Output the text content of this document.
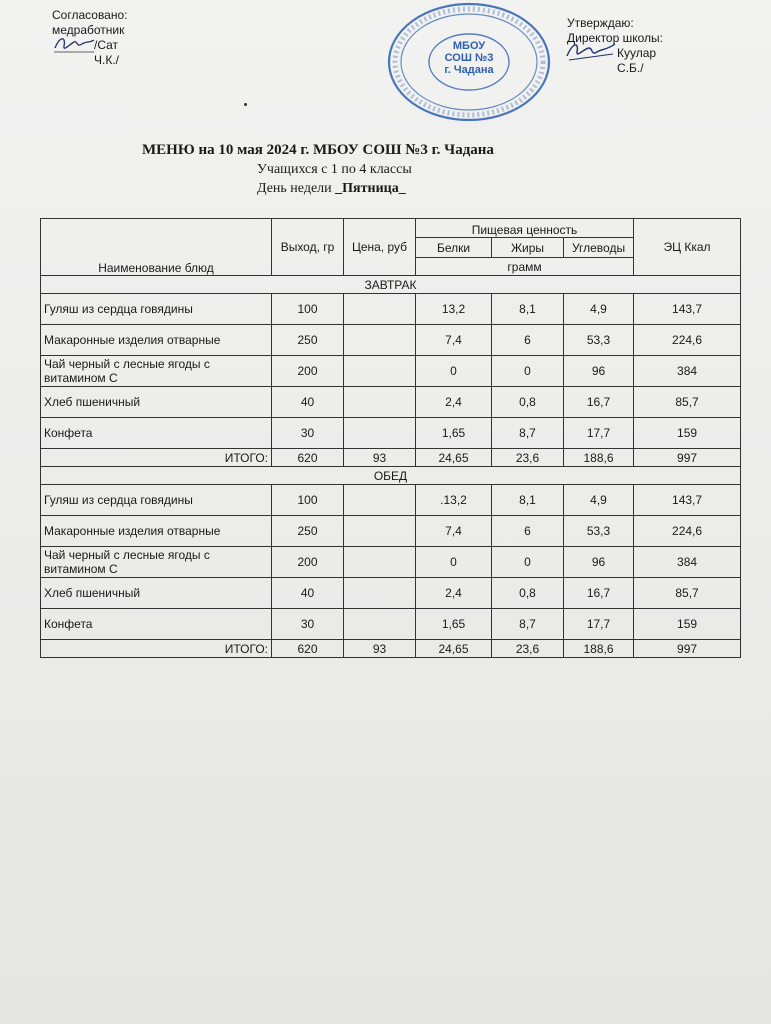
Согласовано:
медработник
/Сат Ч.К./
Утверждаю:
Директор школы:
Куулар С.Б./
МБОУ
СОШ №3
г. Чадана
МЕНЮ на 10 мая 2024 г. МБОУ СОШ №3 г. Чадана
Учащихся с 1 по 4 классы
День недели _Пятница_
Наименование блюд	Выход, гр	Цена, руб	Пищевая ценность			ЭЦ Ккал
			Белки	Жиры	Углеводы	
			грамм			
ЗАВТРАК						
Гуляш из сердца говядины	100		13,2	8,1	4,9	143,7
Макаронные изделия отварные	250		7,4	6	53,3	224,6
Чай черный с лесные ягоды с витамином С	200		0	0	96	384
Хлеб пшеничный	40		2,4	0,8	16,7	85,7
Конфета	30		1,65	8,7	17,7	159
ИТОГО:	620	93	24,65	23,6	188,6	997
ОБЕД						
Гуляш из сердца говядины	100		.13,2	8,1	4,9	143,7
Макаронные изделия отварные	250		7,4	6	53,3	224,6
Чай черный с лесные ягоды с витамином С	200		0	0	96	384
Хлеб пшеничный	40		2,4	0,8	16,7	85,7
Конфета	30		1,65	8,7	17,7	159
ИТОГО:	620	93	24,65	23,6	188,6	997
